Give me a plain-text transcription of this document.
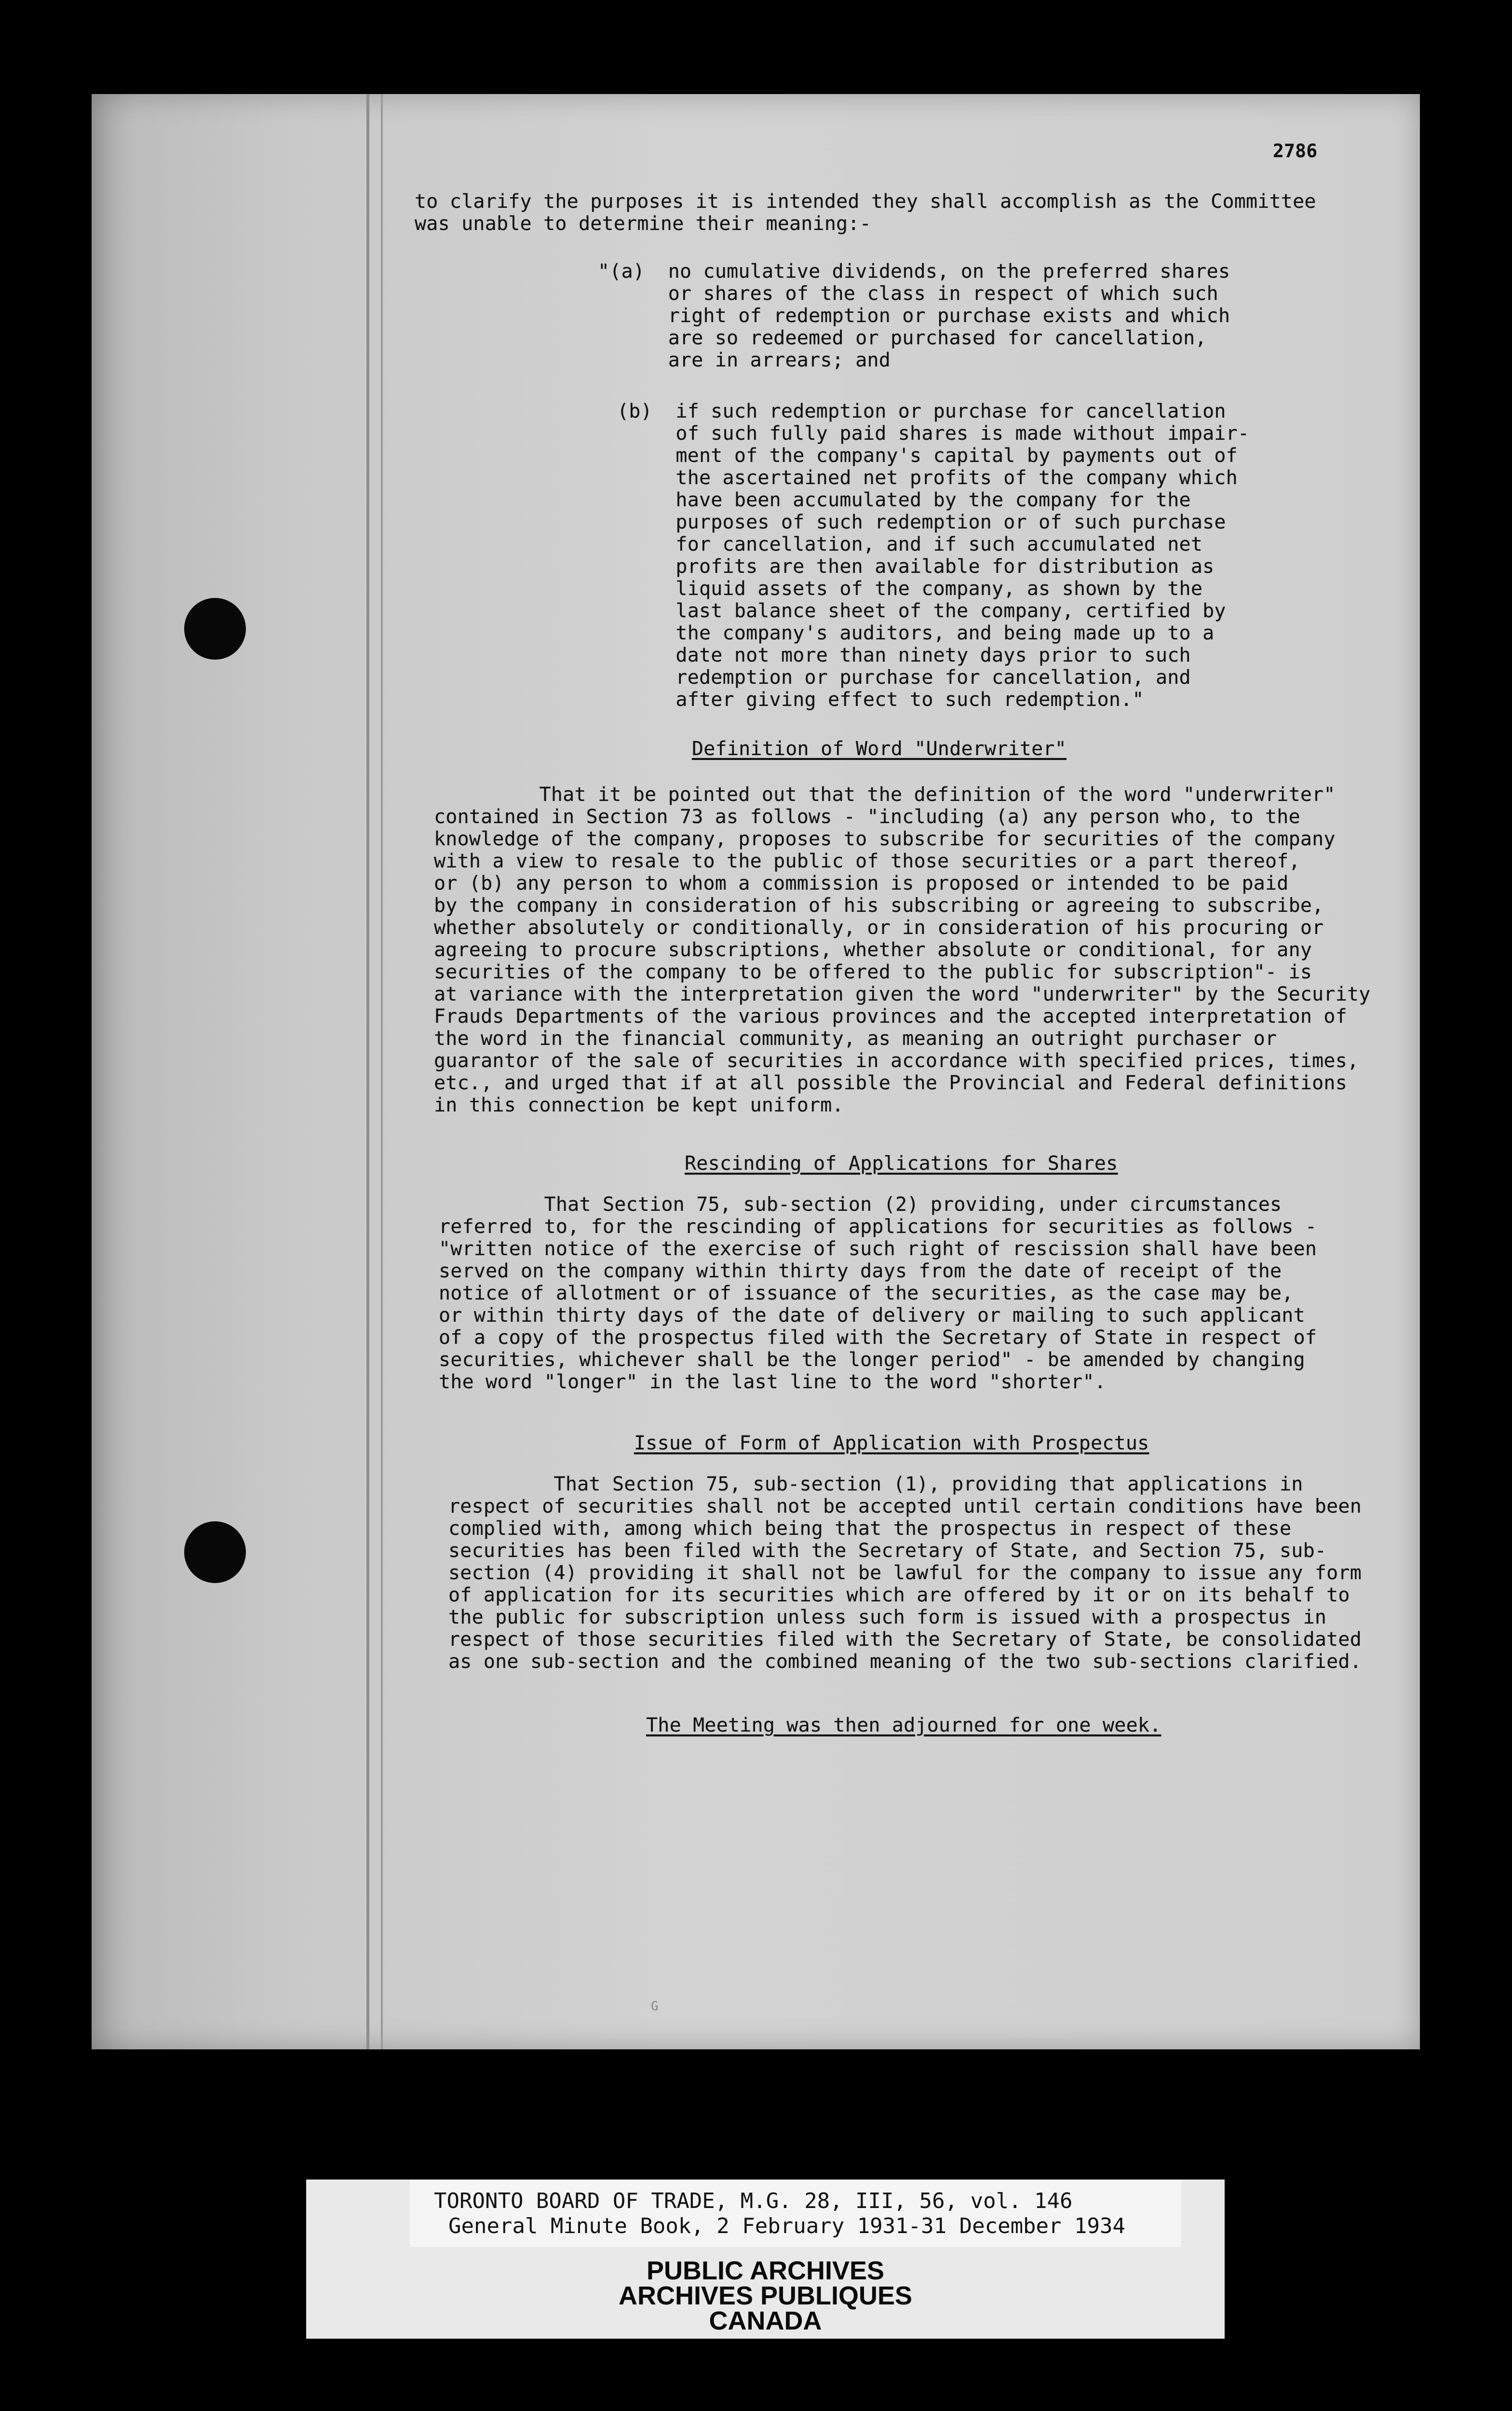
2786

to clarify the purposes it is intended they shall accomplish as the Committee
was unable to determine their meaning:-

"(a)  no cumulative dividends, on the preferred shares
or shares of the class in respect of which such
right of redemption or purchase exists and which
are so redeemed or purchased for cancellation,
are in arrears; and

(b)  if such redemption or purchase for cancellation
of such fully paid shares is made without impair-
ment of the company's capital by payments out of
the ascertained net profits of the company which
have been accumulated by the company for the
purposes of such redemption or of such purchase
for cancellation, and if such accumulated net
profits are then available for distribution as
liquid assets of the company, as shown by the
last balance sheet of the company, certified by
the company's auditors, and being made up to a
date not more than ninety days prior to such
redemption or purchase for cancellation, and
after giving effect to such redemption."

Definition of Word "Underwriter"

That it be pointed out that the definition of the word "underwriter"
contained in Section 73 as follows - "including (a) any person who, to the
knowledge of the company, proposes to subscribe for securities of the company
with a view to resale to the public of those securities or a part thereof,
or (b) any person to whom a commission is proposed or intended to be paid
by the company in consideration of his subscribing or agreeing to subscribe,
whether absolutely or conditionally, or in consideration of his procuring or
agreeing to procure subscriptions, whether absolute or conditional, for any
securities of the company to be offered to the public for subscription"- is
at variance with the interpretation given the word "underwriter" by the Security
Frauds Departments of the various provinces and the accepted interpretation of
the word in the financial community, as meaning an outright purchaser or
guarantor of the sale of securities in accordance with specified prices, times,
etc., and urged that if at all possible the Provincial and Federal definitions
in this connection be kept uniform.

Rescinding of Applications for Shares

That Section 75, sub-section (2) providing, under circumstances
referred to, for the rescinding of applications for securities as follows -
"written notice of the exercise of such right of rescission shall have been
served on the company within thirty days from the date of receipt of the
notice of allotment or of issuance of the securities, as the case may be,
or within thirty days of the date of delivery or mailing to such applicant
of a copy of the prospectus filed with the Secretary of State in respect of
securities, whichever shall be the longer period" - be amended by changing
the word "longer" in the last line to the word "shorter".

Issue of Form of Application with Prospectus

That Section 75, sub-section (1), providing that applications in
respect of securities shall not be accepted until certain conditions have been
complied with, among which being that the prospectus in respect of these
securities has been filed with the Secretary of State, and Section 75, sub-
section (4) providing it shall not be lawful for the company to issue any form
of application for its securities which are offered by it or on its behalf to
the public for subscription unless such form is issued with a prospectus in
respect of those securities filed with the Secretary of State, be consolidated
as one sub-section and the combined meaning of the two sub-sections clarified.

The Meeting was then adjourned for one week.

G

TORONTO BOARD OF TRADE, M.G. 28, III, 56, vol. 146
General Minute Book, 2 February 1931-31 December 1934
PUBLIC ARCHIVES
ARCHIVES PUBLIQUES
CANADA
